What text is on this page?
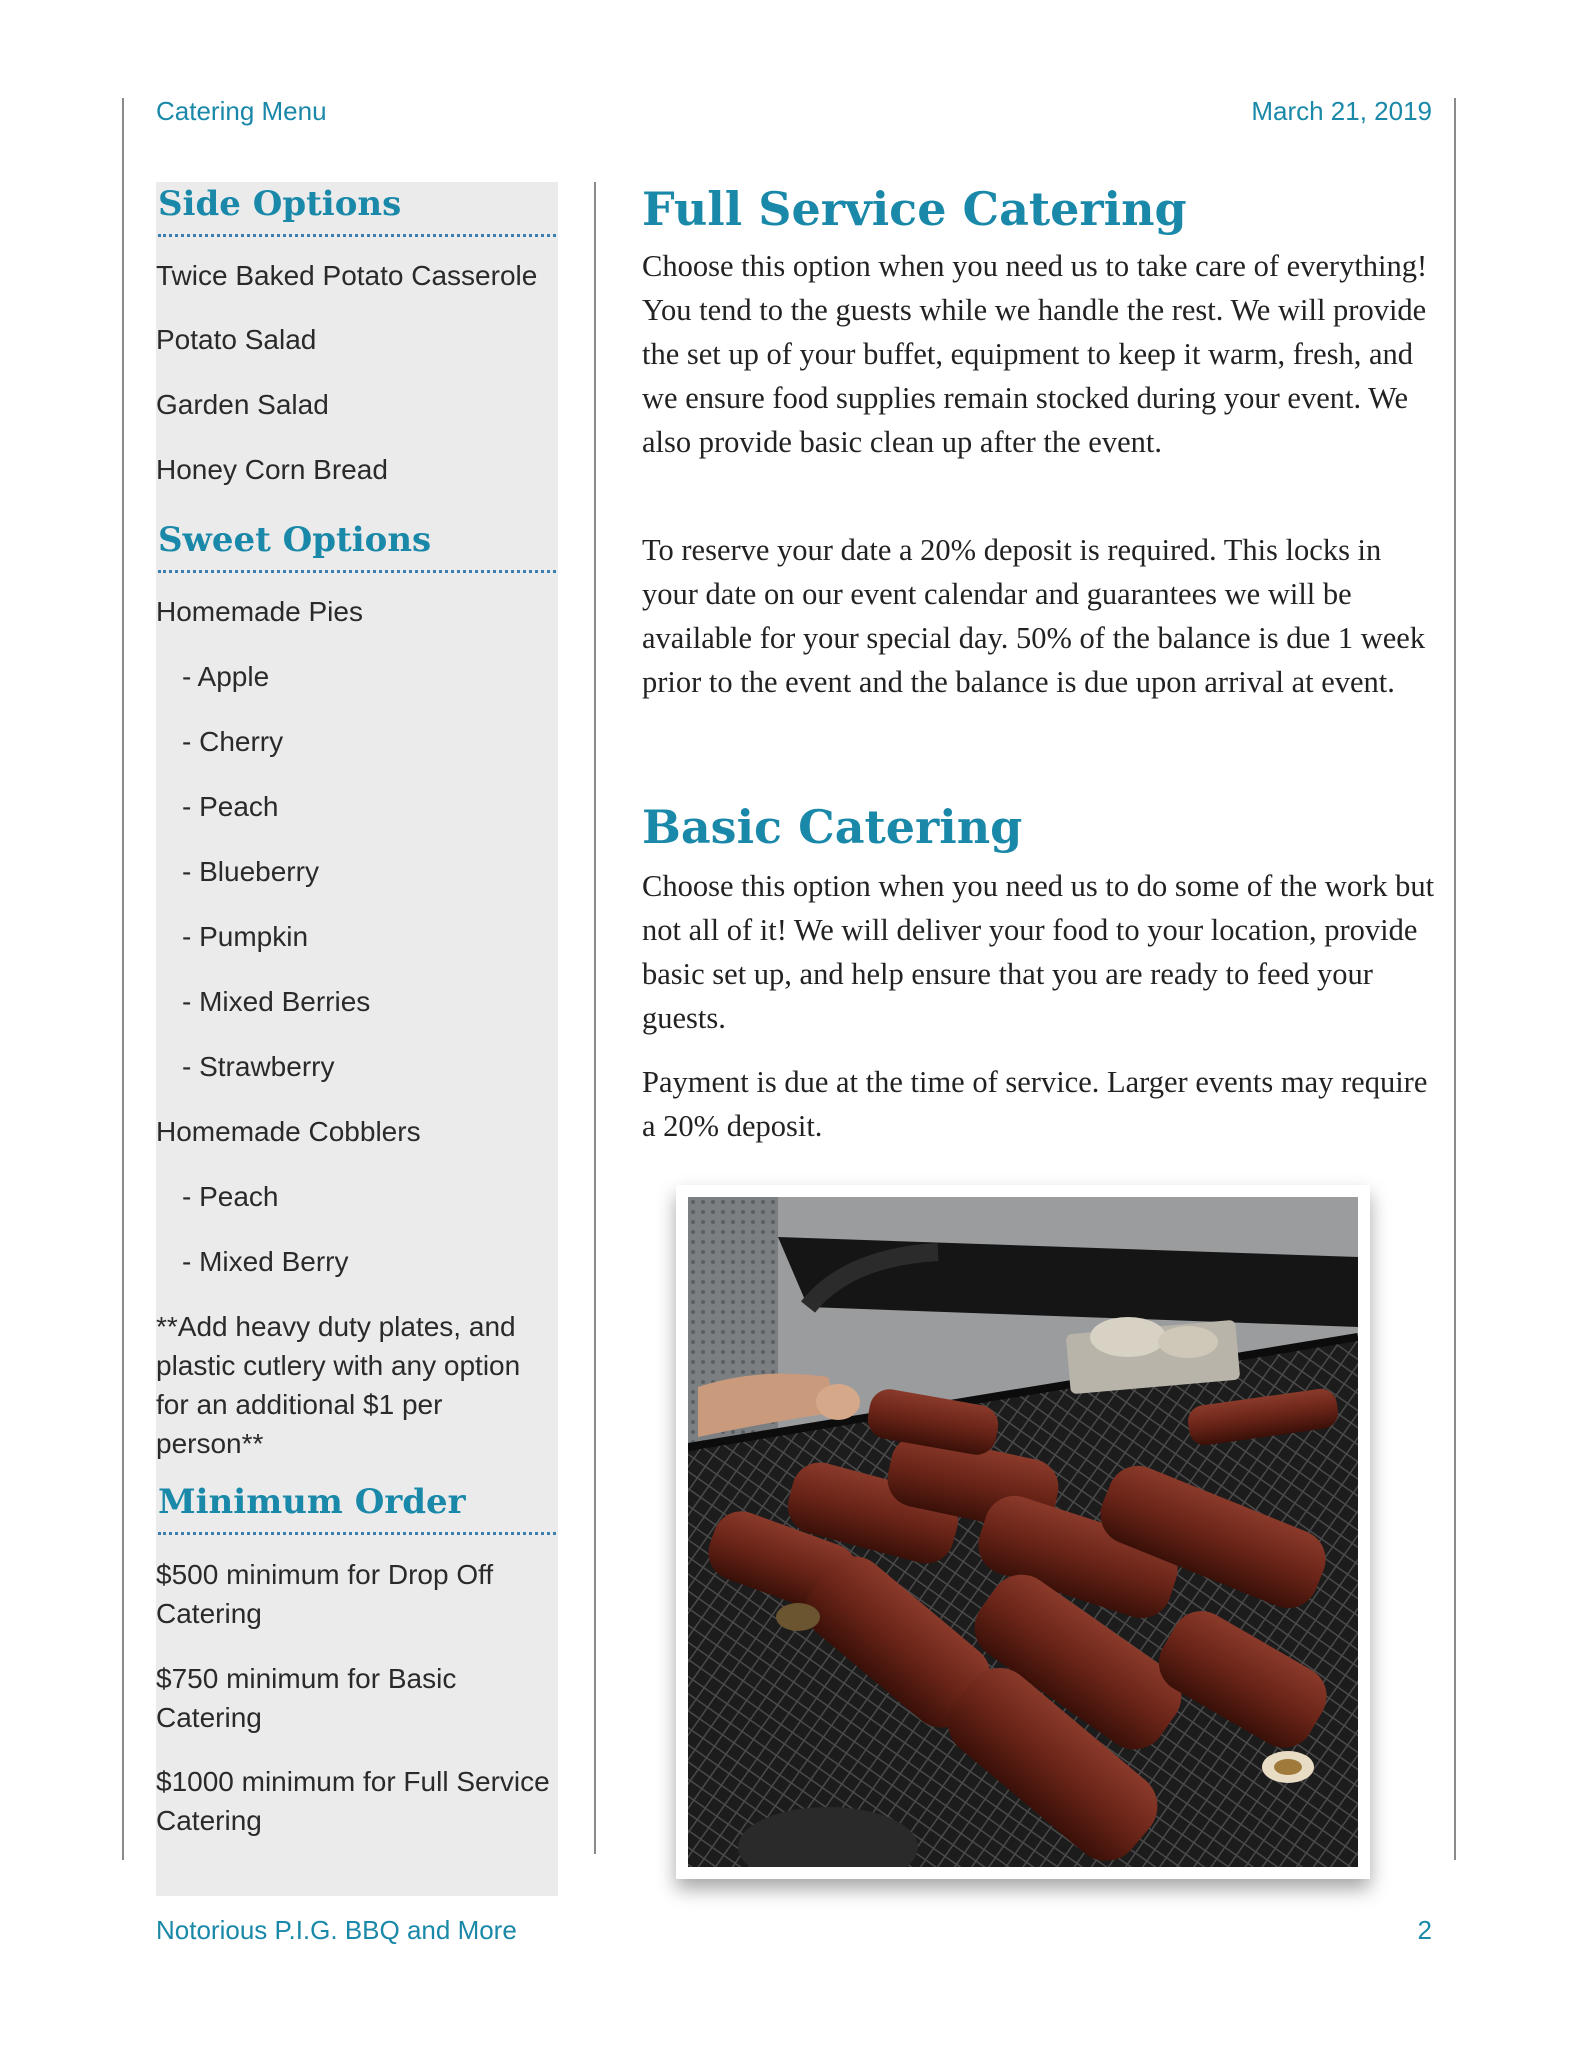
Catering Menu	March 21, 2019
Notorious P.I.G. BBQ and More	2
Side Options
Twice Baked Potato Casserole
Potato Salad
Garden Salad
Honey Corn Bread
Sweet Options
Homemade Pies
- Apple
- Cherry
- Peach
- Blueberry
- Pumpkin
- Mixed Berries
- Strawberry
Homemade Cobblers
- Peach
- Mixed Berry
**Add heavy duty plates, and plastic cutlery with any option for an additional $1 per person**
Minimum Order
$500 minimum for Drop Off Catering
$750 minimum for Basic Catering
$1000 minimum for Full Service Catering
Full Service Catering
Choose this option when you need us to take care of everything! You tend to the guests while we handle the rest. We will provide the set up of your buffet, equipment to keep it warm, fresh, and we ensure food supplies remain stocked during your event. We also provide basic clean up after the event.
To reserve your date a 20% deposit is required. This locks in your date on our event calendar and guarantees we will be available for your special day. 50% of the balance is due 1 week prior to the event and the balance is due upon arrival at event.
Basic Catering
Choose this option when you need us to do some of the work but not all of it! We will deliver your food to your location, provide basic set up, and help ensure that you are ready to feed your guests.
Payment is due at the time of service. Larger events may require a 20% deposit.
